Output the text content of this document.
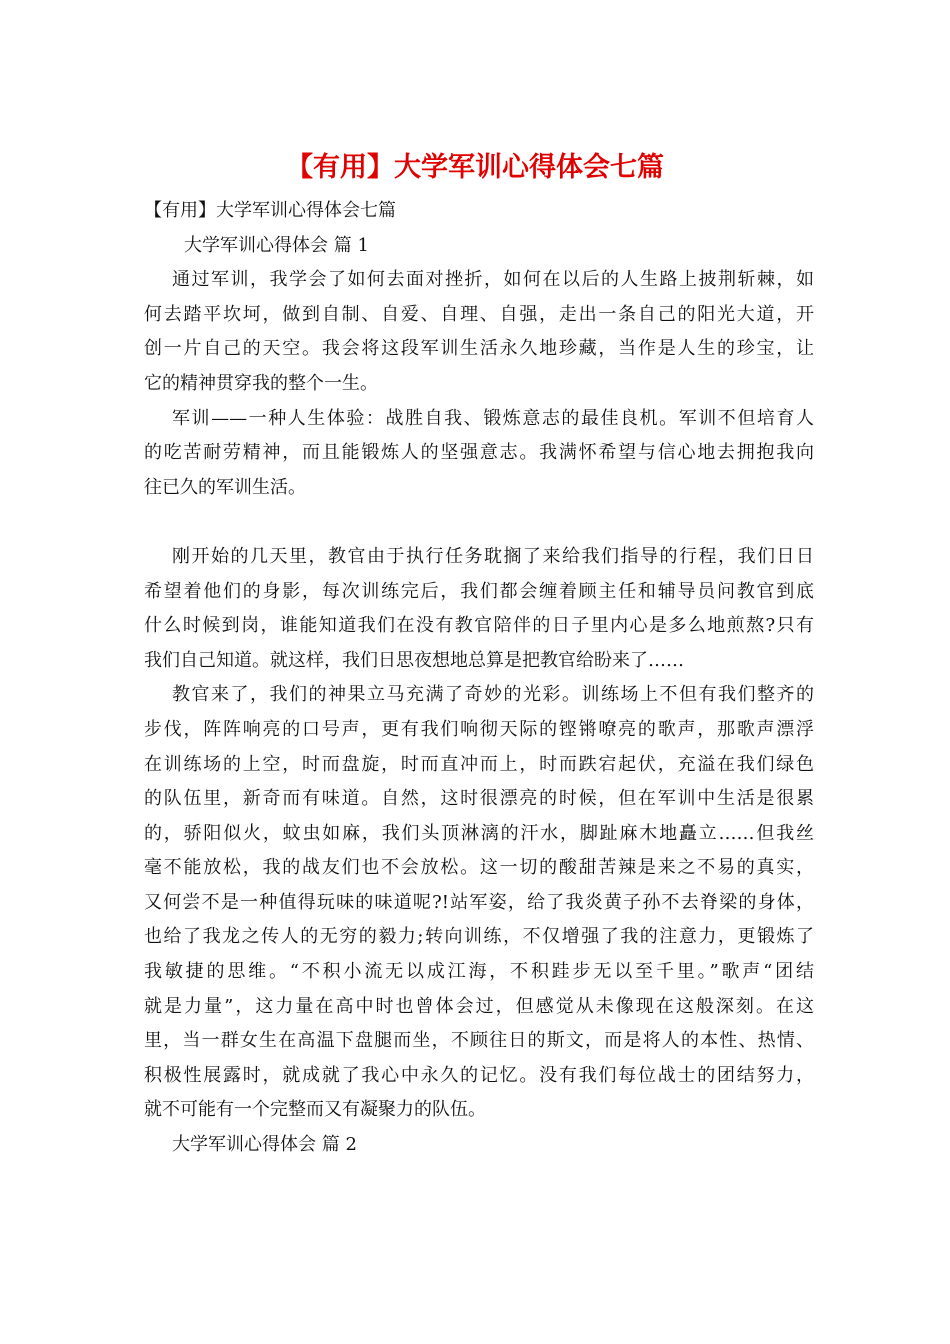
【有用】大学军训心得体会七篇
【有用】大学军训心得体会七篇
大学军训心得体会 篇 1
通过军训，我学会了如何去面对挫折，如何在以后的人生路上披荆斩棘，如
何去踏平坎坷，做到自制、自爱、自理、自强，走出一条自己的阳光大道，开
创一片自己的天空。我会将这段军训生活永久地珍藏，当作是人生的珍宝，让
它的精神贯穿我的整个一生。
军训——一种人生体验：战胜自我、锻炼意志的最佳良机。军训不但培育人
的吃苦耐劳精神，而且能锻炼人的坚强意志。我满怀希望与信心地去拥抱我向
往已久的军训生活。
刚开始的几天里，教官由于执行任务耽搁了来给我们指导的行程，我们日日
希望着他们的身影，每次训练完后，我们都会缠着顾主任和辅导员问教官到底
什么时候到岗，谁能知道我们在没有教官陪伴的日子里内心是多么地煎熬?只有
我们自己知道。就这样，我们日思夜想地总算是把教官给盼来了……
教官来了，我们的神果立马充满了奇妙的光彩。训练场上不但有我们整齐的
步伐，阵阵响亮的口号声，更有我们响彻天际的铿锵嘹亮的歌声，那歌声漂浮
在训练场的上空，时而盘旋，时而直冲而上，时而跌宕起伏，充溢在我们绿色
的队伍里，新奇而有味道。自然，这时很漂亮的时候，但在军训中生活是很累
的，骄阳似火，蚊虫如麻，我们头顶淋漓的汗水，脚趾麻木地矗立……但我丝
毫不能放松，我的战友们也不会放松。这一切的酸甜苦辣是来之不易的真实，
又何尝不是一种值得玩味的味道呢?!站军姿，给了我炎黄子孙不去脊梁的身体，
也给了我龙之传人的无穷的毅力;转向训练，不仅增强了我的注意力，更锻炼了
我敏捷的思维。“不积小流无以成江海，不积跬步无以至千里。”歌声“团结
就是力量”，这力量在高中时也曾体会过，但感觉从未像现在这般深刻。在这
里，当一群女生在高温下盘腿而坐，不顾往日的斯文，而是将人的本性、热情、
积极性展露时，就成就了我心中永久的记忆。没有我们每位战士的团结努力，
就不可能有一个完整而又有凝聚力的队伍。
大学军训心得体会 篇 2
